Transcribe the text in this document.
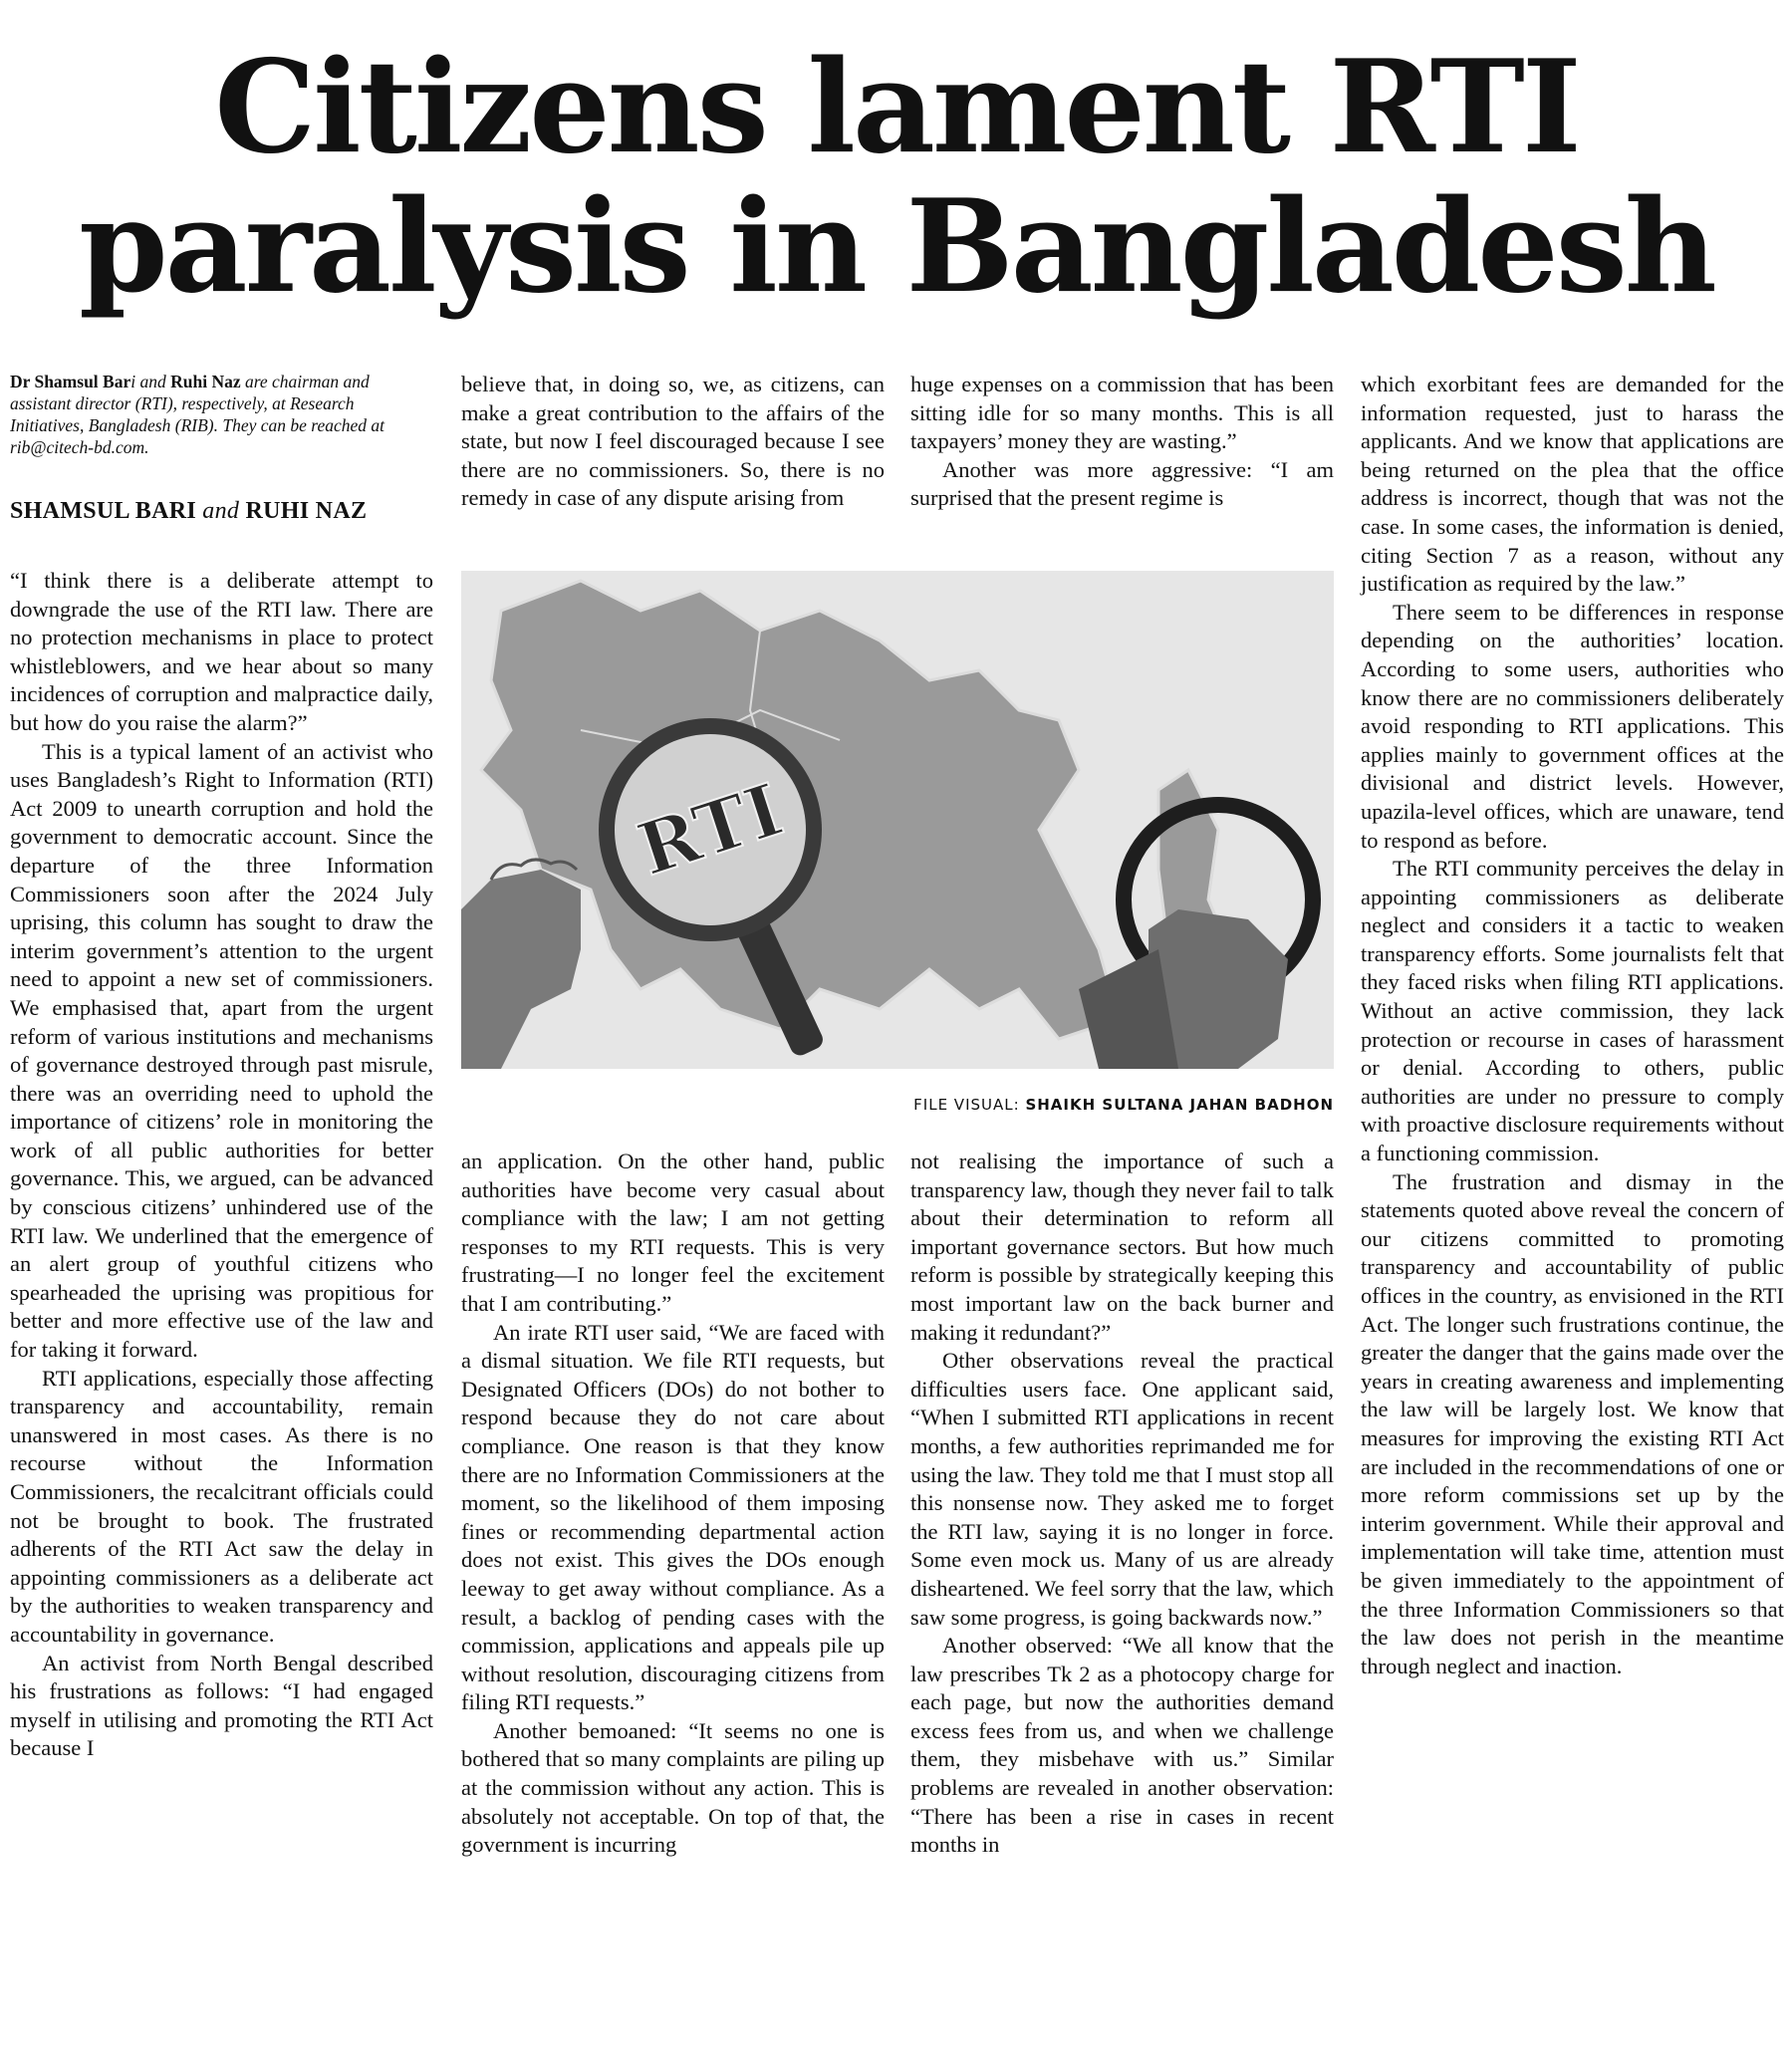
Citizens lament RTI
paralysis in Bangladesh
Dr Shamsul Bari and Ruhi Naz are chairman and assistant director (RTI), respectively, at Research Initiatives, Bangladesh (RIB). They can be reached at rib@citech-bd.com.
SHAMSUL BARI and RUHI NAZ

“I think there is a deliberate attempt to downgrade the use of the RTI law. There are no protection mechanisms in place to protect whistleblowers, and we hear about so many incidences of corruption and malpractice daily, but how do you raise the alarm?”

This is a typical lament of an activist who uses Bangladesh’s Right to Information (RTI) Act 2009 to unearth corruption and hold the government to democratic account. Since the departure of the three Information Commissioners soon after the 2024 July uprising, this column has sought to draw the interim government’s attention to the urgent need to appoint a new set of commissioners. We emphasised that, apart from the urgent reform of various institutions and mechanisms of governance destroyed through past misrule, there was an overriding need to uphold the importance of citizens’ role in monitoring the work of all public authorities for better governance. This, we argued, can be advanced by conscious citizens’ unhindered use of the RTI law. We underlined that the emergence of an alert group of youthful citizens who spearheaded the uprising was propitious for better and more effective use of the law and for taking it forward.

RTI applications, especially those affecting transparency and accountability, remain unanswered in most cases. As there is no recourse without the Information Commissioners, the recalcitrant officials could not be brought to book. The frustrated adherents of the RTI Act saw the delay in appointing commissioners as a deliberate act by the authorities to weaken transparency and accountability in governance.

An activist from North Bengal described his frustrations as follows: “I had engaged myself in utilising and promoting the RTI Act because I

believe that, in doing so, we, as citizens, can make a great contribution to the affairs of the state, but now I feel discouraged because I see there are no commissioners. So, there is no remedy in case of any dispute arising from

huge expenses on a commission that has been sitting idle for so many months. This is all taxpayers’ money they are wasting.”

Another was more aggressive: “I am surprised that the present regime is

RTI
FILE VISUAL: SHAIKH SULTANA JAHAN BADHON

an application. On the other hand, public authorities have become very casual about compliance with the law; I am not getting responses to my RTI requests. This is very frustrating—I no longer feel the excitement that I am contributing.”

An irate RTI user said, “We are faced with a dismal situation. We file RTI requests, but Designated Officers (DOs) do not bother to respond because they do not care about compliance. One reason is that they know there are no Information Commissioners at the moment, so the likelihood of them imposing fines or recommending departmental action does not exist. This gives the DOs enough leeway to get away without compliance. As a result, a backlog of pending cases with the commission, applications and appeals pile up without resolution, discouraging citizens from filing RTI requests.”

Another bemoaned: “It seems no one is bothered that so many complaints are piling up at the commission without any action. This is absolutely not acceptable. On top of that, the government is incurring

not realising the importance of such a transparency law, though they never fail to talk about their determination to reform all important governance sectors. But how much reform is possible by strategically keeping this most important law on the back burner and making it redundant?”

Other observations reveal the practical difficulties users face. One applicant said, “When I submitted RTI applications in recent months, a few authorities reprimanded me for using the law. They told me that I must stop all this nonsense now. They asked me to forget the RTI law, saying it is no longer in force. Some even mock us. Many of us are already disheartened. We feel sorry that the law, which saw some progress, is going backwards now.”

Another observed: “We all know that the law prescribes Tk 2 as a photocopy charge for each page, but now the authorities demand excess fees from us, and when we challenge them, they misbehave with us.” Similar problems are revealed in another observation: “There has been a rise in cases in recent months in

which exorbitant fees are demanded for the information requested, just to harass the applicants. And we know that applications are being returned on the plea that the office address is incorrect, though that was not the case. In some cases, the information is denied, citing Section 7 as a reason, without any justification as required by the law.”

There seem to be differences in response depending on the authorities’ location. According to some users, authorities who know there are no commissioners deliberately avoid responding to RTI applications. This applies mainly to government offices at the divisional and district levels. However, upazila-level offices, which are unaware, tend to respond as before.

The RTI community perceives the delay in appointing commissioners as deliberate neglect and considers it a tactic to weaken transparency efforts. Some journalists felt that they faced risks when filing RTI applications. Without an active commission, they lack protection or recourse in cases of harassment or denial. According to others, public authorities are under no pressure to comply with proactive disclosure requirements without a functioning commission.

The frustration and dismay in the statements quoted above reveal the concern of our citizens committed to promoting transparency and accountability of public offices in the country, as envisioned in the RTI Act. The longer such frustrations continue, the greater the danger that the gains made over the years in creating awareness and implementing the law will be largely lost. We know that measures for improving the existing RTI Act are included in the recommendations of one or more reform commissions set up by the interim government. While their approval and implementation will take time, attention must be given immediately to the appointment of the three Information Commissioners so that the law does not perish in the meantime through neglect and inaction.
